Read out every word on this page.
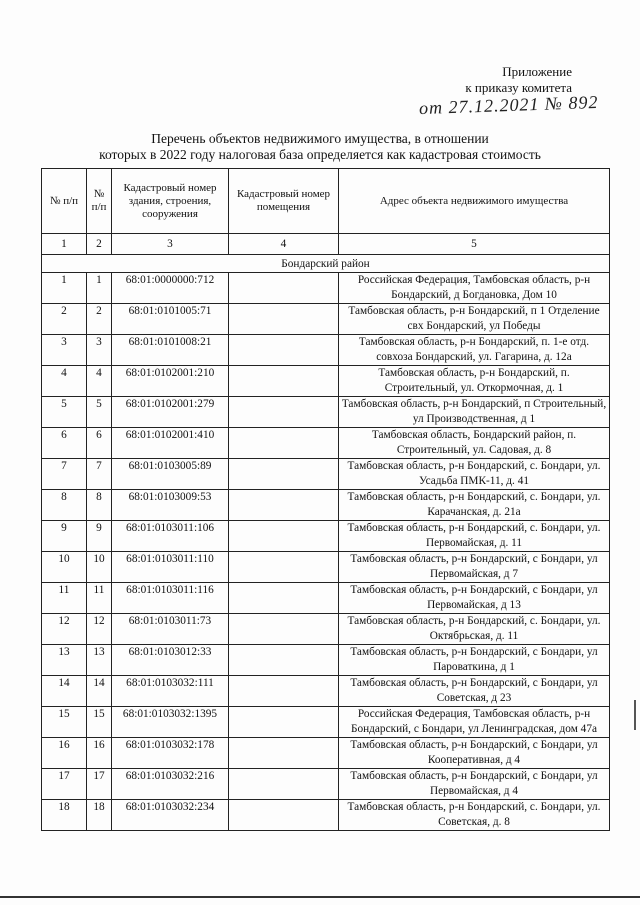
Приложение
к приказу комитета
от 27.12.2021 № 892
Перечень объектов недвижимого имущества, в отношении
которых в 2022 году налоговая база определяется как кадастровая стоимость
№ п/п	№ п/п	Кадастровый номер здания, строения, сооружения	Кадастровый номер помещения	Адрес объекта недвижимого имущества
1	2	3	4	5
Бондарский район				
1	1	68:01:0000000:712		Российская Федерация, Тамбовская область, р-н Бондарский, д Богдановка, Дом 10
2	2	68:01:0101005:71		Тамбовская область, р-н Бондарский, п 1 Отделение свх Бондарский, ул Победы
3	3	68:01:0101008:21		Тамбовская область, р-н Бондарский, п. 1-е отд. совхоза Бондарский, ул. Гагарина, д. 12а
4	4	68:01:0102001:210		Тамбовская область, р-н Бондарский, п. Строительный, ул. Откормочная, д. 1
5	5	68:01:0102001:279		Тамбовская область, р-н Бондарский, п Строительный, ул Производственная, д 1
6	6	68:01:0102001:410		Тамбовская область, Бондарский район, п. Строительный, ул. Садовая, д. 8
7	7	68:01:0103005:89		Тамбовская область, р-н Бондарский, с. Бондари, ул. Усадьба ПМК-11, д. 41
8	8	68:01:0103009:53		Тамбовская область, р-н Бондарский, с. Бондари, ул. Карачанская, д. 21а
9	9	68:01:0103011:106		Тамбовская область, р-н Бондарский, с. Бондари, ул. Первомайская, д. 11
10	10	68:01:0103011:110		Тамбовская область, р-н Бондарский, с Бондари, ул Первомайская, д 7
11	11	68:01:0103011:116		Тамбовская область, р-н Бондарский, с Бондари, ул Первомайская, д 13
12	12	68:01:0103011:73		Тамбовская область, р-н Бондарский, с. Бондари, ул. Октябрьская, д. 11
13	13	68:01:0103012:33		Тамбовская область, р-н Бондарский, с Бондари, ул Пароваткина, д 1
14	14	68:01:0103032:111		Тамбовская область, р-н Бондарский, с Бондари, ул Советская, д 23
15	15	68:01:0103032:1395		Российская Федерация, Тамбовская область, р-н Бондарский, с Бондари, ул Ленинградская, дом 47а
16	16	68:01:0103032:178		Тамбовская область, р-н Бондарский, с Бондари, ул Кооперативная, д 4
17	17	68:01:0103032:216		Тамбовская область, р-н Бондарский, с Бондари, ул Первомайская, д 4
18	18	68:01:0103032:234		Тамбовская область, р-н Бондарский, с. Бондари, ул. Советская, д. 8
